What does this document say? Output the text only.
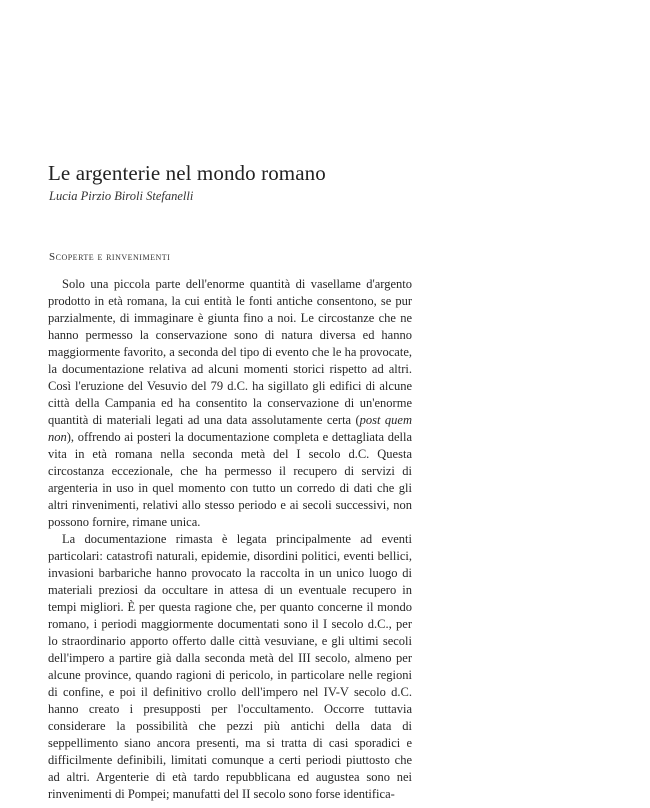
Le argenterie nel mondo romano
Lucia Pirzio Biroli Stefanelli
Scoperte e rinvenimenti

Solo una piccola parte dell'enorme quantità di vasellame d'argento prodotto in età romana, la cui entità le fonti antiche consentono, se pur parzialmente, di immaginare è giunta fino a noi. Le circostanze che ne hanno permesso la conservazione sono di natura diversa ed hanno maggiormente favorito, a seconda del tipo di evento che le ha provocate, la documentazione relativa ad alcuni momenti storici rispetto ad altri. Così l'eruzione del Vesuvio del 79 d.C. ha sigillato gli edifici di alcune città della Campania ed ha consentito la conservazione di un'enorme quantità di materiali legati ad una data assolutamente certa (post quem non), offrendo ai posteri la documentazione completa e dettagliata della vita in età romana nella seconda metà del I secolo d.C. Questa circostanza eccezionale, che ha permesso il recupero di servizi di argenteria in uso in quel momento con tutto un corredo di dati che gli altri rinvenimenti, relativi allo stesso periodo e ai secoli successivi, non possono fornire, rimane unica.

La documentazione rimasta è legata principalmente ad eventi particolari: catastrofi naturali, epidemie, disordini politici, eventi bellici, invasioni barbariche hanno provocato la raccolta in un unico luogo di materiali preziosi da occultare in attesa di un eventuale recupero in tempi migliori. È per questa ragione che, per quanto concerne il mondo romano, i periodi maggiormente documentati sono il I secolo d.C., per lo straordinario apporto offerto dalle città vesuviane, e gli ultimi secoli dell'impero a partire già dalla seconda metà del III secolo, almeno per alcune province, quando ragioni di pericolo, in particolare nelle regioni di confine, e poi il definitivo crollo dell'impero nel IV-V secolo d.C. hanno creato i presupposti per l'occultamento. Occorre tuttavia considerare la possibilità che pezzi più antichi della data di seppellimento siano ancora presenti, ma si tratta di casi sporadici e difficilmente definibili, limitati comunque a certi periodi piuttosto che ad altri. Argenterie di età tardo repubblicana ed augustea sono nei rinvenimenti di Pompei; manufatti del II secolo sono forse identifica-
